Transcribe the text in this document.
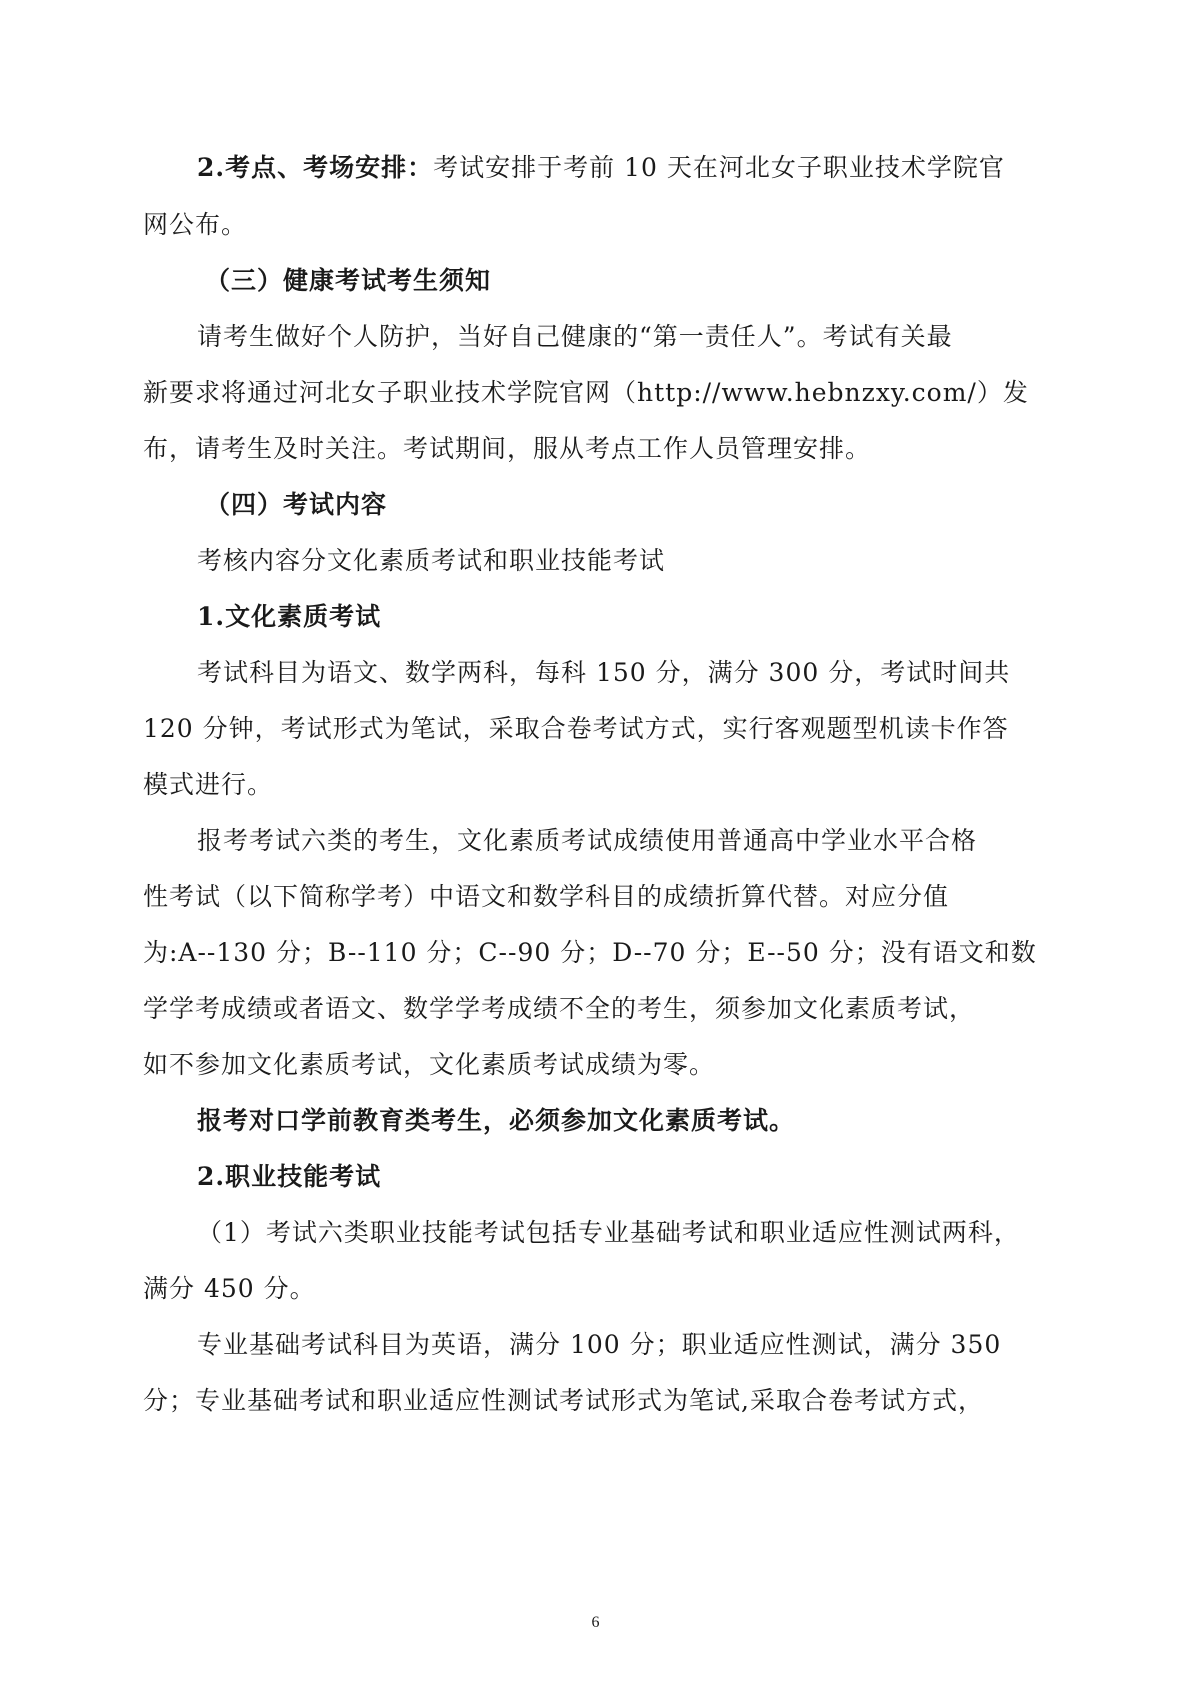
2.考点、考场安排：考试安排于考前 10 天在河北女子职业技术学院官
网公布。
（三）健康考试考生须知
请考生做好个人防护，当好自己健康的“第一责任人”。考试有关最
新要求将通过河北女子职业技术学院官网（http://www.hebnzxy.com/）发
布，请考生及时关注。考试期间，服从考点工作人员管理安排。
（四）考试内容
考核内容分文化素质考试和职业技能考试
1.文化素质考试
考试科目为语文、数学两科，每科 150 分，满分 300 分，考试时间共
120 分钟，考试形式为笔试，采取合卷考试方式，实行客观题型机读卡作答
模式进行。
报考考试六类的考生，文化素质考试成绩使用普通高中学业水平合格
性考试（以下简称学考）中语文和数学科目的成绩折算代替。对应分值
为:A--130 分；B--110 分；C--90 分；D--70 分；E--50 分；没有语文和数
学学考成绩或者语文、数学学考成绩不全的考生，须参加文化素质考试，
如不参加文化素质考试，文化素质考试成绩为零。
报考对口学前教育类考生，必须参加文化素质考试。
2.职业技能考试
（1）考试六类职业技能考试包括专业基础考试和职业适应性测试两科，
满分 450 分。
专业基础考试科目为英语，满分 100 分；职业适应性测试，满分 350
分；专业基础考试和职业适应性测试考试形式为笔试,采取合卷考试方式，
6
